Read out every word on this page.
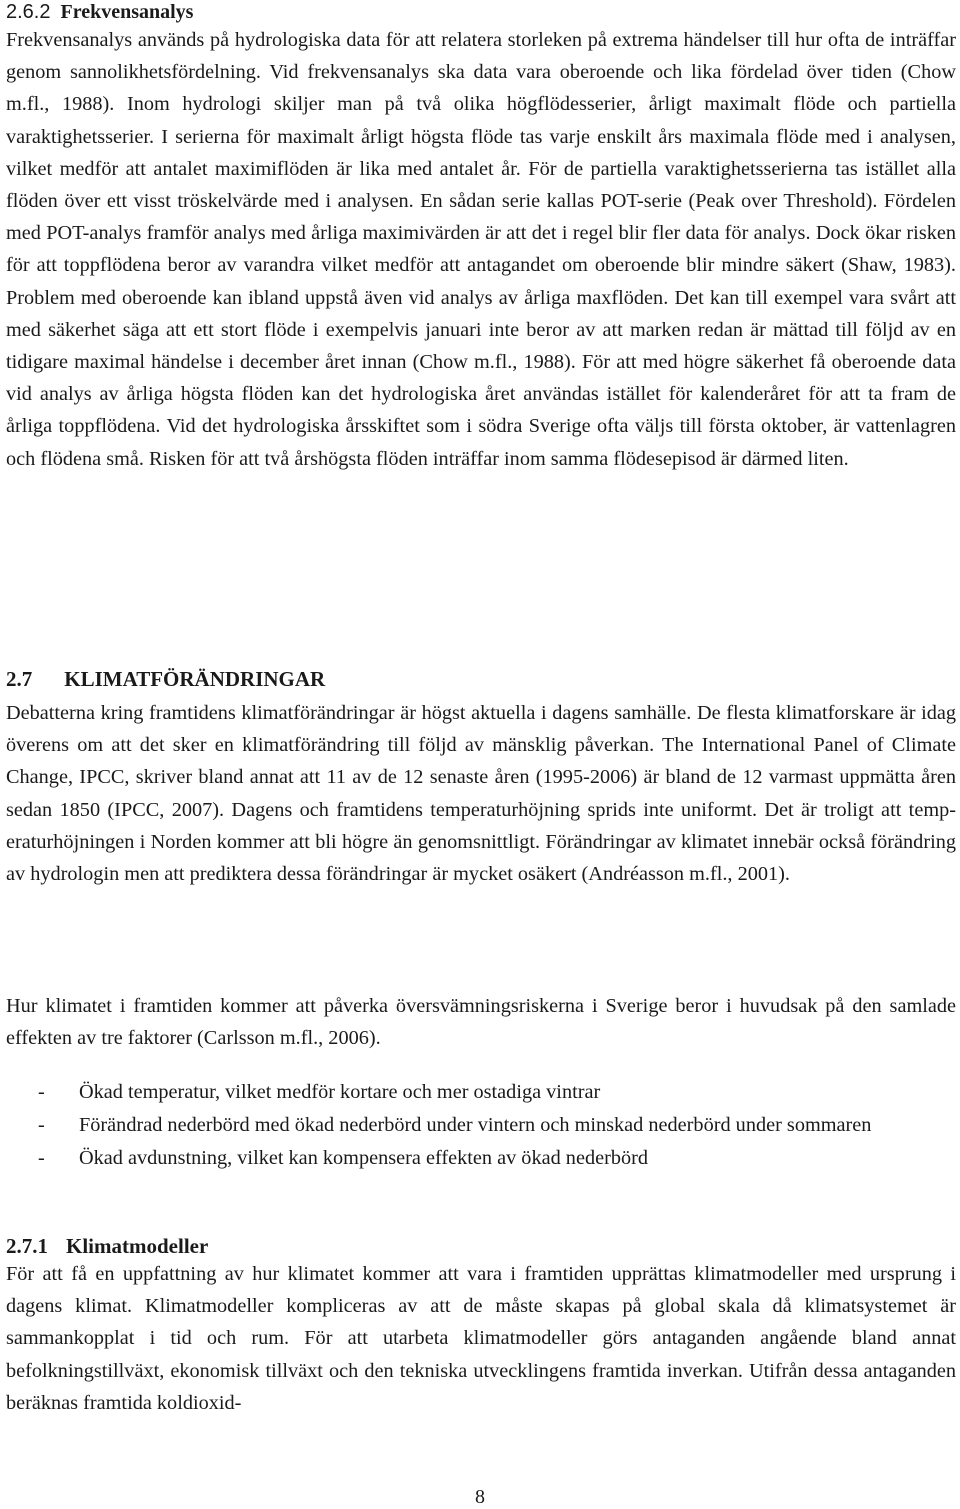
2.6.2 Frekvensanalys

Frekvensanalys används på hydrologiska data för att relatera storleken på extrema händelser till hur ofta de inträffar genom sannolikhetsfördelning. Vid frekvensanalys ska data vara oberoende och lika fördelad över tiden (Chow m.fl., 1988). Inom hydrologi skiljer man på två olika högflödesserier, årligt maximalt flöde och partiella varaktighetsserier. I serierna för maximalt årligt högsta flöde tas varje enskilt års maximala flöde med i analysen, vilket medför att antalet maximiflöden är lika med antalet år. För de partiella varaktighetsserierna tas istället alla flöden över ett visst tröskelvärde med i analysen. En sådan serie kallas POT-serie (Peak over Threshold). Fördelen med POT-analys framför analys med årliga maximivärden är att det i regel blir fler data för analys. Dock ökar risken för att toppflödena beror av varandra vilket medför att antagandet om oberoende blir mindre säkert (Shaw, 1983). Problem med oberoende kan ibland uppstå även vid analys av årliga maxflöden. Det kan till exempel vara svårt att med säkerhet säga att ett stort flöde i exempelvis januari inte beror av att marken redan är mättad till följd av en tidigare maximal händelse i december året innan (Chow m.fl., 1988). För att med högre säkerhet få oberoende data vid analys av årliga högsta flöden kan det hydrologiska året användas istället för kalenderåret för att ta fram de årliga toppflödena. Vid det hydrologiska årsskiftet som i södra Sverige ofta väljs till första oktober, är vattenlagren och flödena små. Risken för att två årshögsta flöden inträffar inom samma flödesepisod är därmed liten.

2.7 KLIMATFÖRÄNDRINGAR

Debatterna kring framtidens klimatförändringar är högst aktuella i dagens samhälle. De flesta klimatforskare är idag överens om att det sker en klimatförändring till följd av mänsklig påverkan. The International Panel of Climate Change, IPCC, skriver bland annat att 11 av de 12 senaste åren (1995-2006) är bland de 12 varmast uppmätta åren sedan 1850 (IPCC, 2007). Dagens och framtidens temperaturhöjning sprids inte uniformt. Det är troligt att temperaturhöjningen i Norden kommer att bli högre än genomsnittligt. Förändringar av klimatet innebär också förändring av hydrologin men att prediktera dessa förändringar är mycket osäkert (Andréasson m.fl., 2001).

Hur klimatet i framtiden kommer att påverka översvämningsriskerna i Sverige beror i huvudsak på den samlade effekten av tre faktorer (Carlsson m.fl., 2006).

- Ökad temperatur, vilket medför kortare och mer ostadiga vintrar
- Förändrad nederbörd med ökad nederbörd under vintern och minskad nederbörd under sommaren
- Ökad avdunstning, vilket kan kompensera effekten av ökad nederbörd
2.7.1 Klimatmodeller

För att få en uppfattning av hur klimatet kommer att vara i framtiden upprättas klimatmodeller med ursprung i dagens klimat. Klimatmodeller kompliceras av att de måste skapas på global skala då klimatsystemet är sammankopplat i tid och rum. För att utarbeta klimatmodeller görs antaganden angående bland annat befolkningstillväxt, ekonomisk tillväxt och den tekniska utvecklingens framtida inverkan. Utifrån dessa antaganden beräknas framtida koldioxid-

8
